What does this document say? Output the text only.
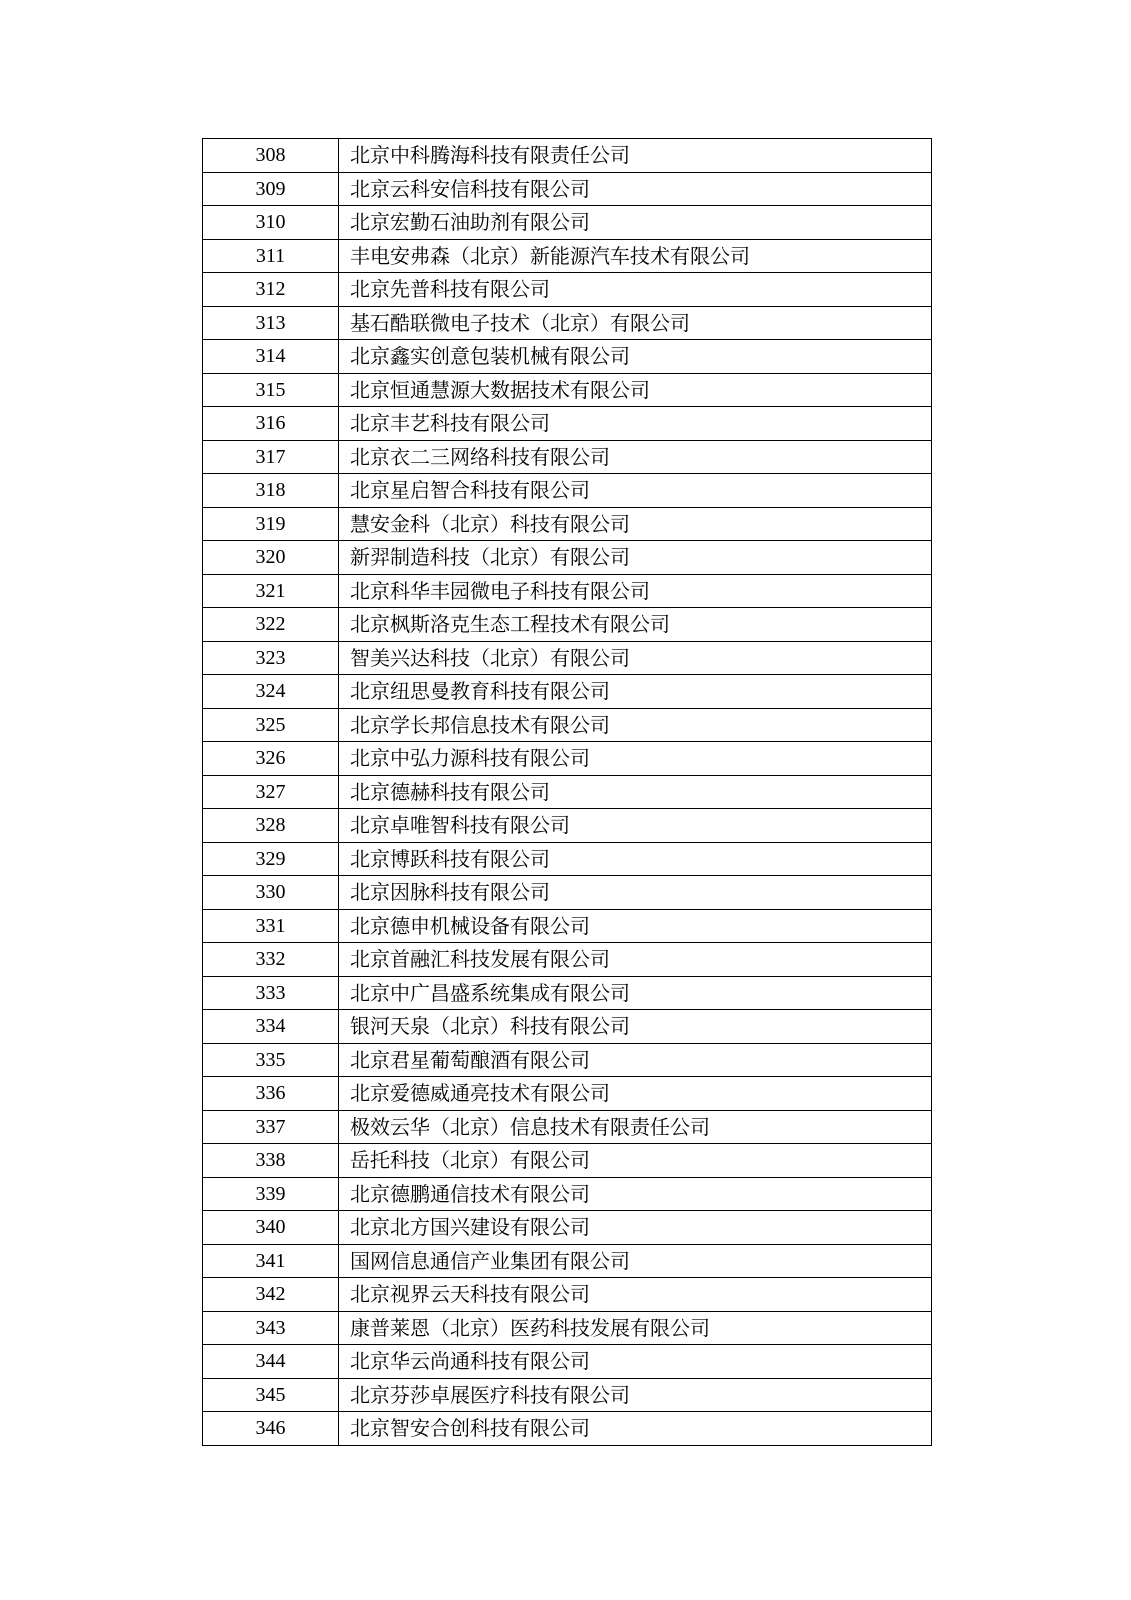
308	北京中科腾海科技有限责任公司
309	北京云科安信科技有限公司
310	北京宏勤石油助剂有限公司
311	丰电安弗森（北京）新能源汽车技术有限公司
312	北京先普科技有限公司
313	基石酷联微电子技术（北京）有限公司
314	北京鑫实创意包装机械有限公司
315	北京恒通慧源大数据技术有限公司
316	北京丰艺科技有限公司
317	北京衣二三网络科技有限公司
318	北京星启智合科技有限公司
319	慧安金科（北京）科技有限公司
320	新羿制造科技（北京）有限公司
321	北京科华丰园微电子科技有限公司
322	北京枫斯洛克生态工程技术有限公司
323	智美兴达科技（北京）有限公司
324	北京纽思曼教育科技有限公司
325	北京学长邦信息技术有限公司
326	北京中弘力源科技有限公司
327	北京德赫科技有限公司
328	北京卓唯智科技有限公司
329	北京博跃科技有限公司
330	北京因脉科技有限公司
331	北京德申机械设备有限公司
332	北京首融汇科技发展有限公司
333	北京中广昌盛系统集成有限公司
334	银河天泉（北京）科技有限公司
335	北京君星葡萄酿酒有限公司
336	北京爱德威通亮技术有限公司
337	极效云华（北京）信息技术有限责任公司
338	岳托科技（北京）有限公司
339	北京德鹏通信技术有限公司
340	北京北方国兴建设有限公司
341	国网信息通信产业集团有限公司
342	北京视界云天科技有限公司
343	康普莱恩（北京）医药科技发展有限公司
344	北京华云尚通科技有限公司
345	北京芬莎卓展医疗科技有限公司
346	北京智安合创科技有限公司
